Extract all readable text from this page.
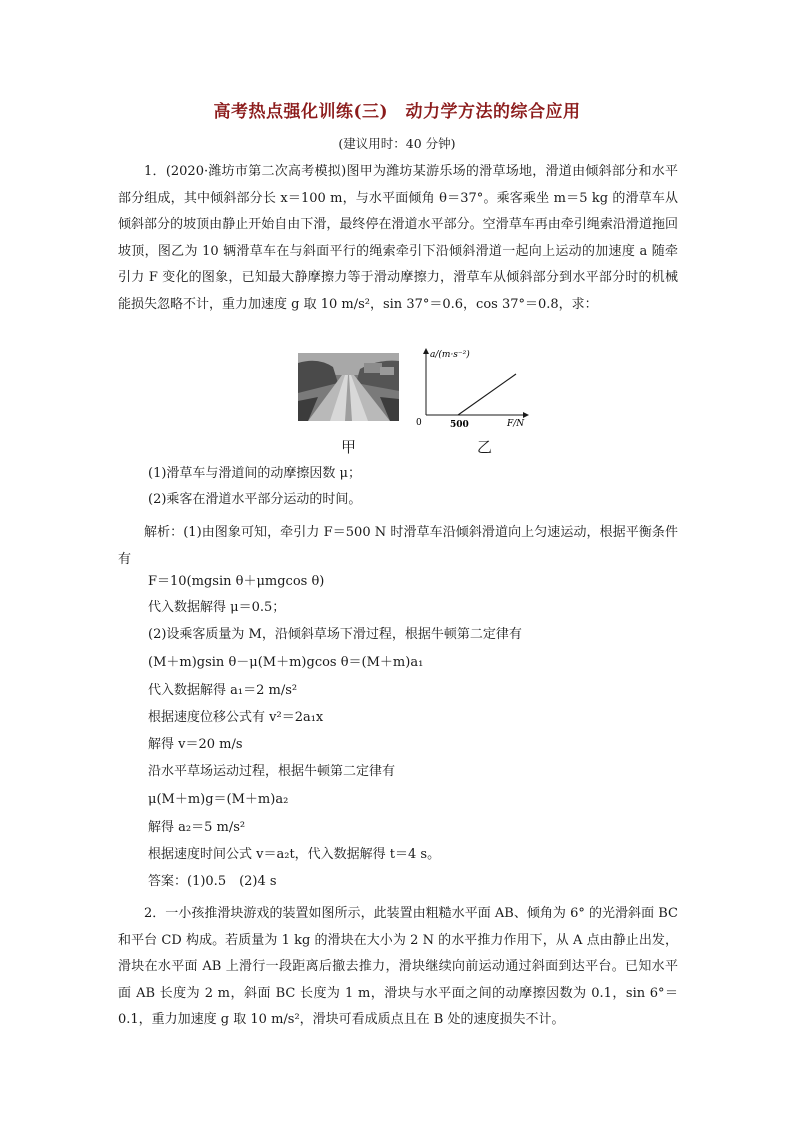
高考热点强化训练(三)　动力学方法的综合应用
(建议用时：40 分钟)
1．(2020·潍坊市第二次高考模拟)图甲为潍坊某游乐场的滑草场地，滑道由倾斜部分和水平部分组成，其中倾斜部分长 x＝100 m，与水平面倾角 θ＝37°。乘客乘坐 m＝5 kg 的滑草车从倾斜部分的坡顶由静止开始自由下滑，最终停在滑道水平部分。空滑草车再由牵引绳索沿滑道拖回坡顶，图乙为 10 辆滑草车在与斜面平行的绳索牵引下沿倾斜滑道一起向上运动的加速度 a 随牵引力 F 变化的图象，已知最大静摩擦力等于滑动摩擦力，滑草车从倾斜部分到水平部分时的机械能损失忽略不计，重力加速度 g 取 10 m/s²，sin 37°＝0.6，cos 37°＝0.8，求：
甲
a/(m·s⁻²)
F/N
0	500
乙
(1)滑草车与滑道间的动摩擦因数 μ；
(2)乘客在滑道水平部分运动的时间。
解析：(1)由图象可知，牵引力 F＝500 N 时滑草车沿倾斜滑道向上匀速运动，根据平衡条件有
F＝10(mgsin θ＋μmgcos θ)
代入数据解得 μ＝0.5；
(2)设乘客质量为 M，沿倾斜草场下滑过程，根据牛顿第二定律有
(M＋m)gsin θ－μ(M＋m)gcos θ＝(M＋m)a₁
代入数据解得 a₁＝2 m/s²
根据速度位移公式有 v²＝2a₁x
解得 v＝20 m/s
沿水平草场运动过程，根据牛顿第二定律有
μ(M＋m)g＝(M＋m)a₂
解得 a₂＝5 m/s²
根据速度时间公式 v＝a₂t，代入数据解得 t＝4 s。
答案：(1)0.5　(2)4 s
2．一小孩推滑块游戏的装置如图所示，此装置由粗糙水平面 AB、倾角为 6° 的光滑斜面 BC 和平台 CD 构成。若质量为 1 kg 的滑块在大小为 2 N 的水平推力作用下，从 A 点由静止出发，滑块在水平面 AB 上滑行一段距离后撤去推力，滑块继续向前运动通过斜面到达平台。已知水平面 AB 长度为 2 m，斜面 BC 长度为 1 m，滑块与水平面之间的动摩擦因数为 0.1，sin 6°＝0.1，重力加速度 g 取 10 m/s²，滑块可看成质点且在 B 处的速度损失不计。
